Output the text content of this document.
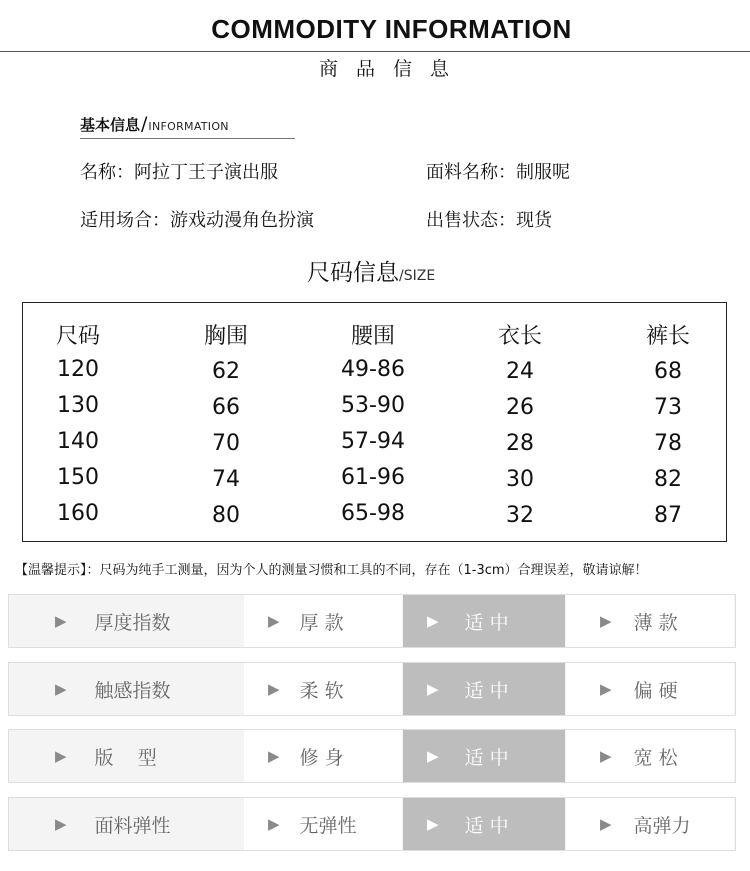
COMMODITY INFORMATION
商品信息
基本信息/INFORMATION
名称：阿拉丁王子演出服	面料名称：制服呢
适用场合：游戏动漫角色扮演	出售状态：现货
尺码信息/SIZE
尺码	胸围	腰围	衣长	裤长
120	62	49-86	24	68
130	66	53-90	26	73
140	70	57-94	28	78
150	74	61-96	30	82
160	80	65-98	32	87
【温馨提示】：尺码为纯手工测量，因为个人的测量习惯和工具的不同，存在（1-3cm）合理误差，敬请谅解！
▶ 厚度指数	▶ 厚 款	▶ 适 中	▶ 薄 款
▶ 触感指数	▶ 柔 软	▶ 适 中	▶ 偏 硬
▶ 版    型	▶ 修 身	▶ 适 中	▶ 宽 松
▶ 面料弹性	▶ 无弹性	▶ 适 中	▶ 高弹力
